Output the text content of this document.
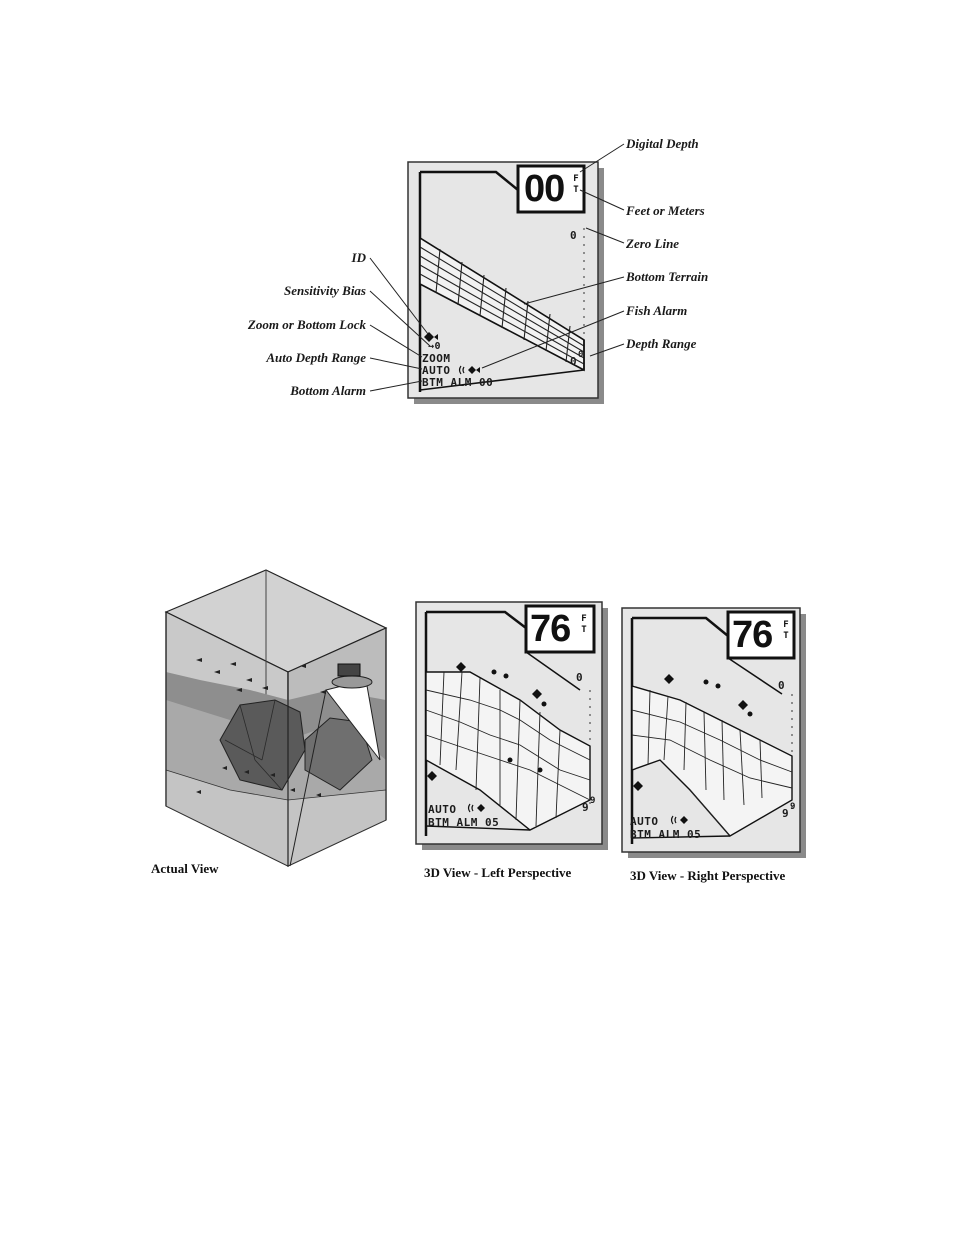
00 F
T
0
0 0
→0
ZOOM
AUTO
BTM ALM 00
Digital Depth
Feet or Meters
Zero Line
Bottom Terrain
Fish Alarm
Depth Range
ID
Sensitivity Bias
Zoom or Bottom Lock
Auto Depth Range
Bottom Alarm
76 F
T
0
9 9
AUTO
BTM ALM 05
76 F
T
0
9 9
AUTO
BTM ALM 05
Actual View	3D View - Left Perspective	3D View - Right Perspective
